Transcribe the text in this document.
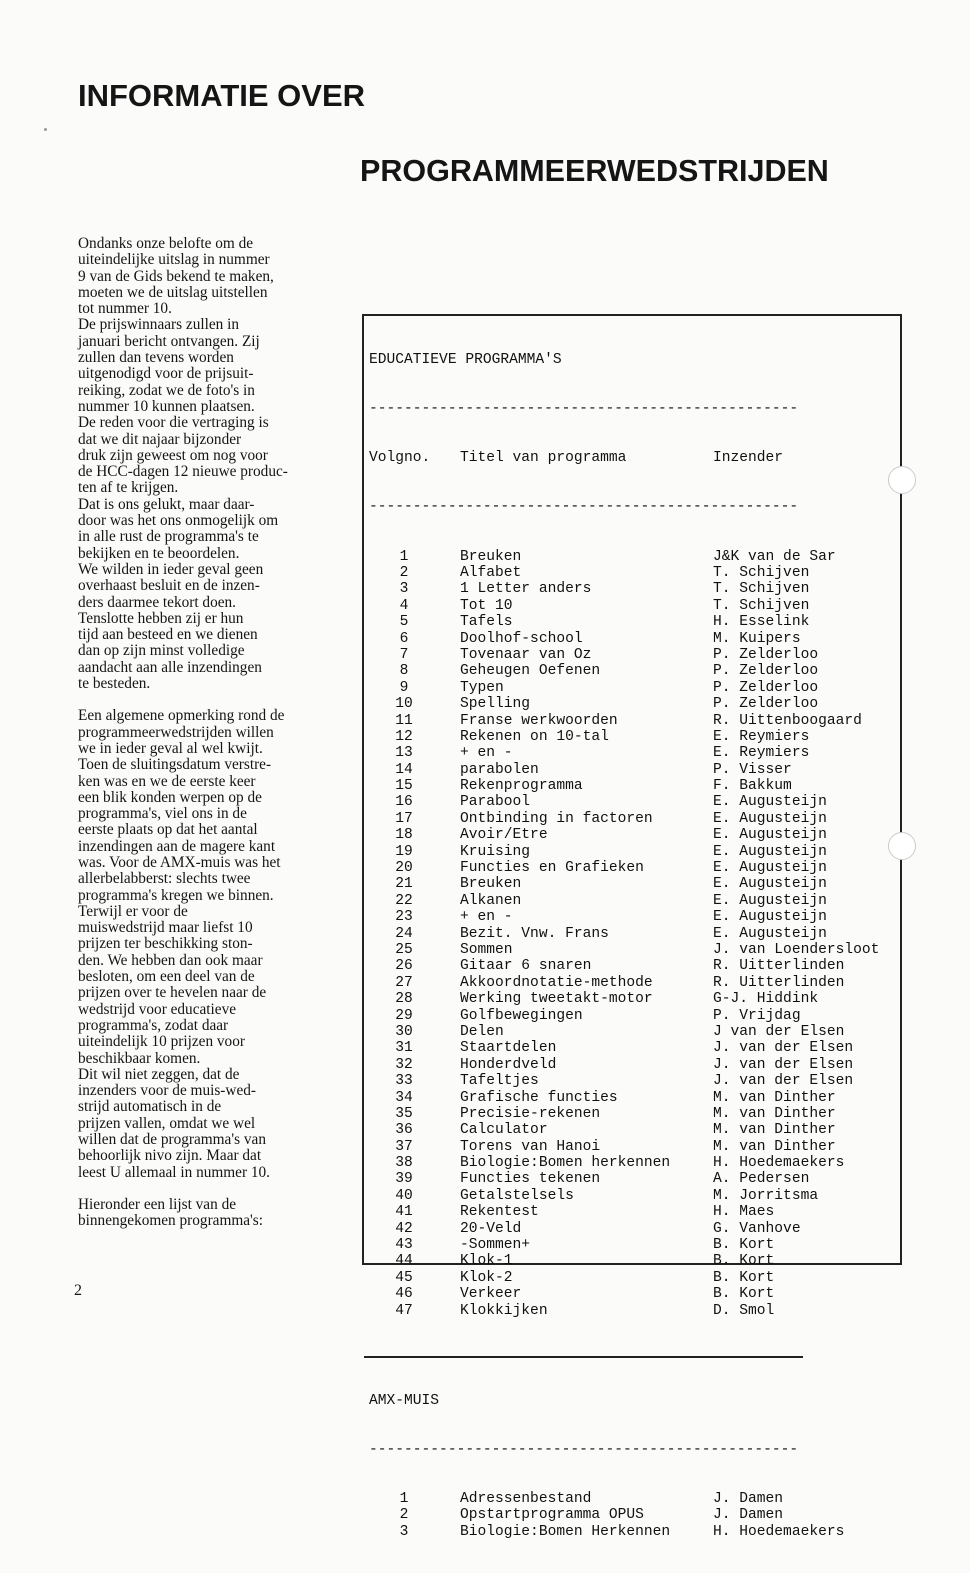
INFORMATIE OVER
PROGRAMMEERWEDSTRIJDEN
Ondanks onze belofte om de
uiteindelijke uitslag in nummer
9 van de Gids bekend te maken,
moeten we de uitslag uitstellen
tot nummer 10.
De prijswinnaars zullen in
januari bericht ontvangen. Zij
zullen dan tevens worden
uitgenodigd voor de prijsuit-
reiking, zodat we de foto's in
nummer 10 kunnen plaatsen.
De reden voor die vertraging is
dat we dit najaar bijzonder
druk zijn geweest om nog voor
de HCC-dagen 12 nieuwe produc-
ten af te krijgen.
Dat is ons gelukt, maar daar-
door was het ons onmogelijk om
in alle rust de programma's te
bekijken en te beoordelen.
We wilden in ieder geval geen
overhaast besluit en de inzen-
ders daarmee tekort doen.
Tenslotte hebben zij er hun
tijd aan besteed en we dienen
dan op zijn minst volledige
aandacht aan alle inzendingen
te besteden.
Een algemene opmerking rond de
programmeerwedstrijden willen
we in ieder geval al wel kwijt.
Toen de sluitingsdatum verstre-
ken was en we de eerste keer
een blik konden werpen op de
programma's, viel ons in de
eerste plaats op dat het aantal
inzendingen aan de magere kant
was. Voor de AMX-muis was het
allerbelabberst: slechts twee
programma's kregen we binnen.
Terwijl er voor de
muiswedstrijd maar liefst 10
prijzen ter beschikking ston-
den. We hebben dan ook maar
besloten, om een deel van de
prijzen over te hevelen naar de
wedstrijd voor educatieve
programma's, zodat daar
uiteindelijk 10 prijzen voor
beschikbaar komen.
Dit wil niet zeggen, dat de
inzenders voor de muis-wed-
strijd automatisch in de
prijzen vallen, omdat we wel
willen dat de programma's van
behoorlijk nivo zijn. Maar dat
leest U allemaal in nummer 10.
Hieronder een lijst van de
binnengekomen programma's:
2

EDUCATIEVE PROGRAMMA'S

-------------------------------------------------

Volgno. Titel van programma	Inzender

-------------------------------------------------

1	Breuken	J&K van de Sar
2	Alfabet	T. Schijven
3	1 Letter anders	T. Schijven
4	Tot 10	T. Schijven
5	Tafels	H. Esselink
6	Doolhof-school	M. Kuipers
7	Tovenaar van Oz	P. Zelderloo
8	Geheugen Oefenen	P. Zelderloo
9	Typen	P. Zelderloo
10	Spelling	P. Zelderloo
11	Franse werkwoorden	R. Uittenboogaard
12	Rekenen on 10-tal	E. Reymiers
13	+ en -	E. Reymiers
14	parabolen	P. Visser
15	Rekenprogramma	F. Bakkum
16	Parabool	E. Augusteijn
17	Ontbinding in factoren	E. Augusteijn
18	Avoir/Etre	E. Augusteijn
19	Kruising	E. Augusteijn
20	Functies en Grafieken	E. Augusteijn
21	Breuken	E. Augusteijn
22	Alkanen	E. Augusteijn
23	+ en -	E. Augusteijn
24	Bezit. Vnw. Frans	E. Augusteijn
25	Sommen	J. van Loendersloot
26	Gitaar 6 snaren	R. Uitterlinden
27	Akkoordnotatie-methode	R. Uitterlinden
28	Werking tweetakt-motor	G-J. Hiddink
29	Golfbewegingen	P. Vrijdag
30	Delen	J van der Elsen
31	Staartdelen	J. van der Elsen
32	Honderdveld	J. van der Elsen
33	Tafeltjes	J. van der Elsen
34	Grafische functies	M. van Dinther
35	Precisie-rekenen	M. van Dinther
36	Calculator	M. van Dinther
37	Torens van Hanoi	M. van Dinther
38	Biologie:Bomen herkennen	H. Hoedemaekers
39	Functies tekenen	A. Pedersen
40	Getalstelsels	M. Jorritsma
41	Rekentest	H. Maes
42	20-Veld	G. Vanhove
43	-Sommen+	B. Kort
44	Klok-1	B. Kort
45	Klok-2	B. Kort
46	Verkeer	B. Kort
47	Klokkijken	D. Smol

AMX-MUIS

-------------------------------------------------

1	Adressenbestand	J. Damen
2	Opstartprogramma OPUS	J. Damen
3	Biologie:Bomen Herkennen	H. Hoedemaekers
